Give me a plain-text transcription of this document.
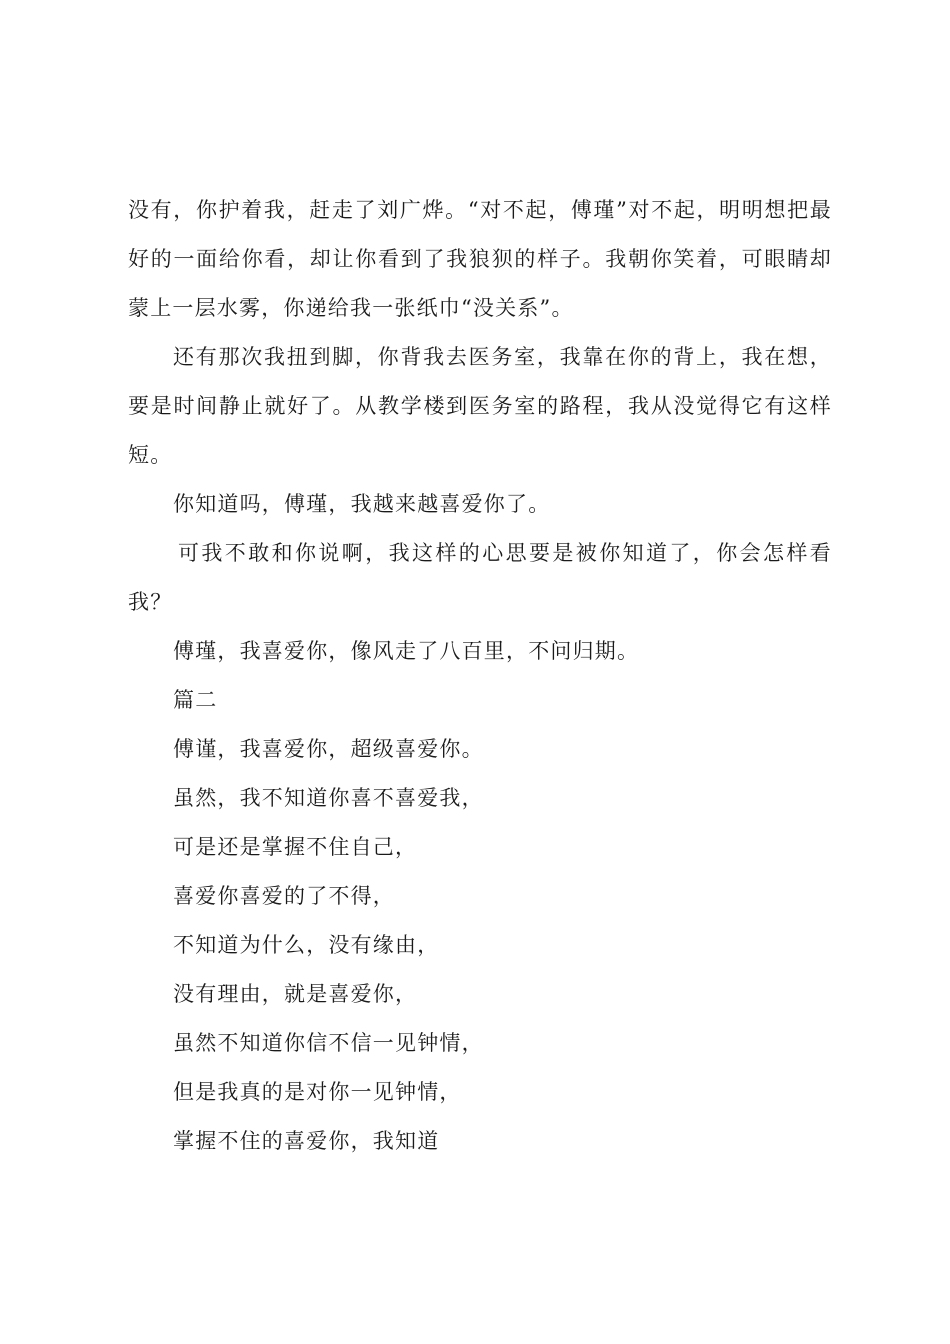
没有，你护着我，赶走了刘广烨。“对不起，傅瑾”对不起，明明想把最好的一面给你看，却让你看到了我狼狈的样子。我朝你笑着，可眼睛却蒙上一层水雾，你递给我一张纸巾“没关系”。

还有那次我扭到脚，你背我去医务室，我靠在你的背上，我在想，要是时间静止就好了。从教学楼到医务室的路程，我从没觉得它有这样短。

你知道吗，傅瑾，我越来越喜爱你了。

可我不敢和你说啊，我这样的心思要是被你知道了，你会怎样看我？

傅瑾，我喜爱你，像风走了八百里，不问归期。

篇二

傅谨，我喜爱你，超级喜爱你。
虽然，我不知道你喜不喜爱我，
可是还是掌握不住自己，
喜爱你喜爱的了不得，
不知道为什么，没有缘由，
没有理由，就是喜爱你，
虽然不知道你信不信一见钟情，
但是我真的是对你一见钟情，
掌握不住的喜爱你，我知道
